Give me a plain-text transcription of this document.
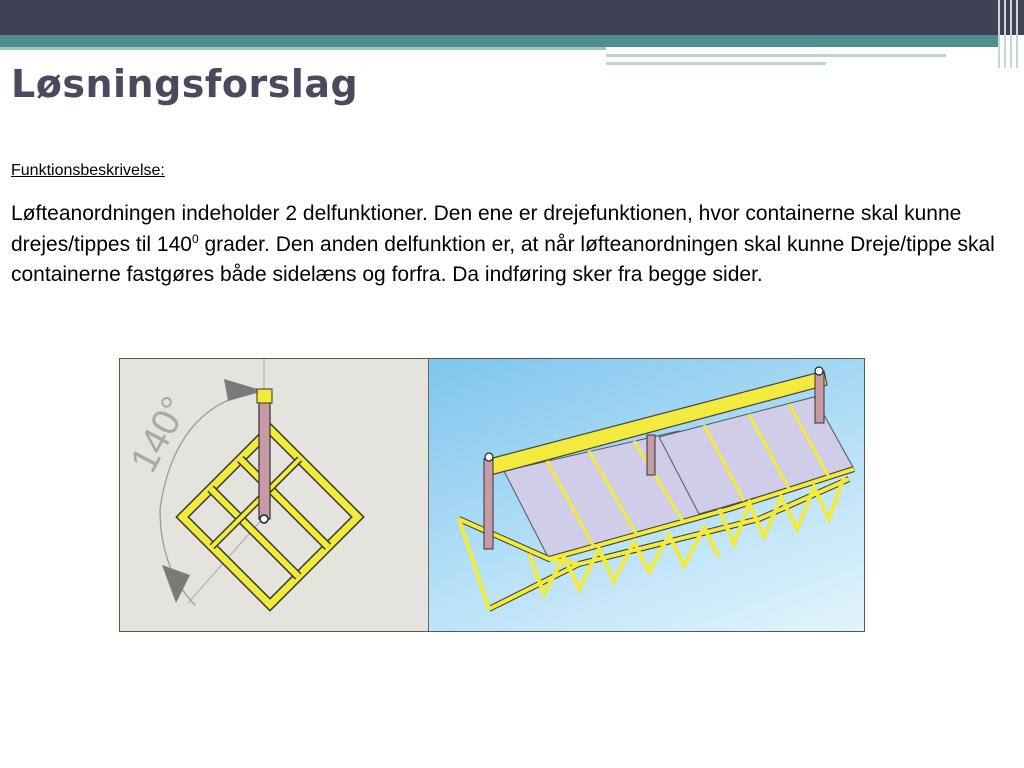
Løsningsforslag
Funktionsbeskrivelse:

Løfteanordningen indeholder 2 delfunktioner. Den ene er drejefunktionen, hvor containerne skal kunne drejes/tippes til $140^0$ grader. Den anden delfunktion er, at når løfteanordningen skal kunne Dreje/tippe skal containerne fastgøres både sidelæns og forfra. Da indføring sker fra begge sider.

140°
